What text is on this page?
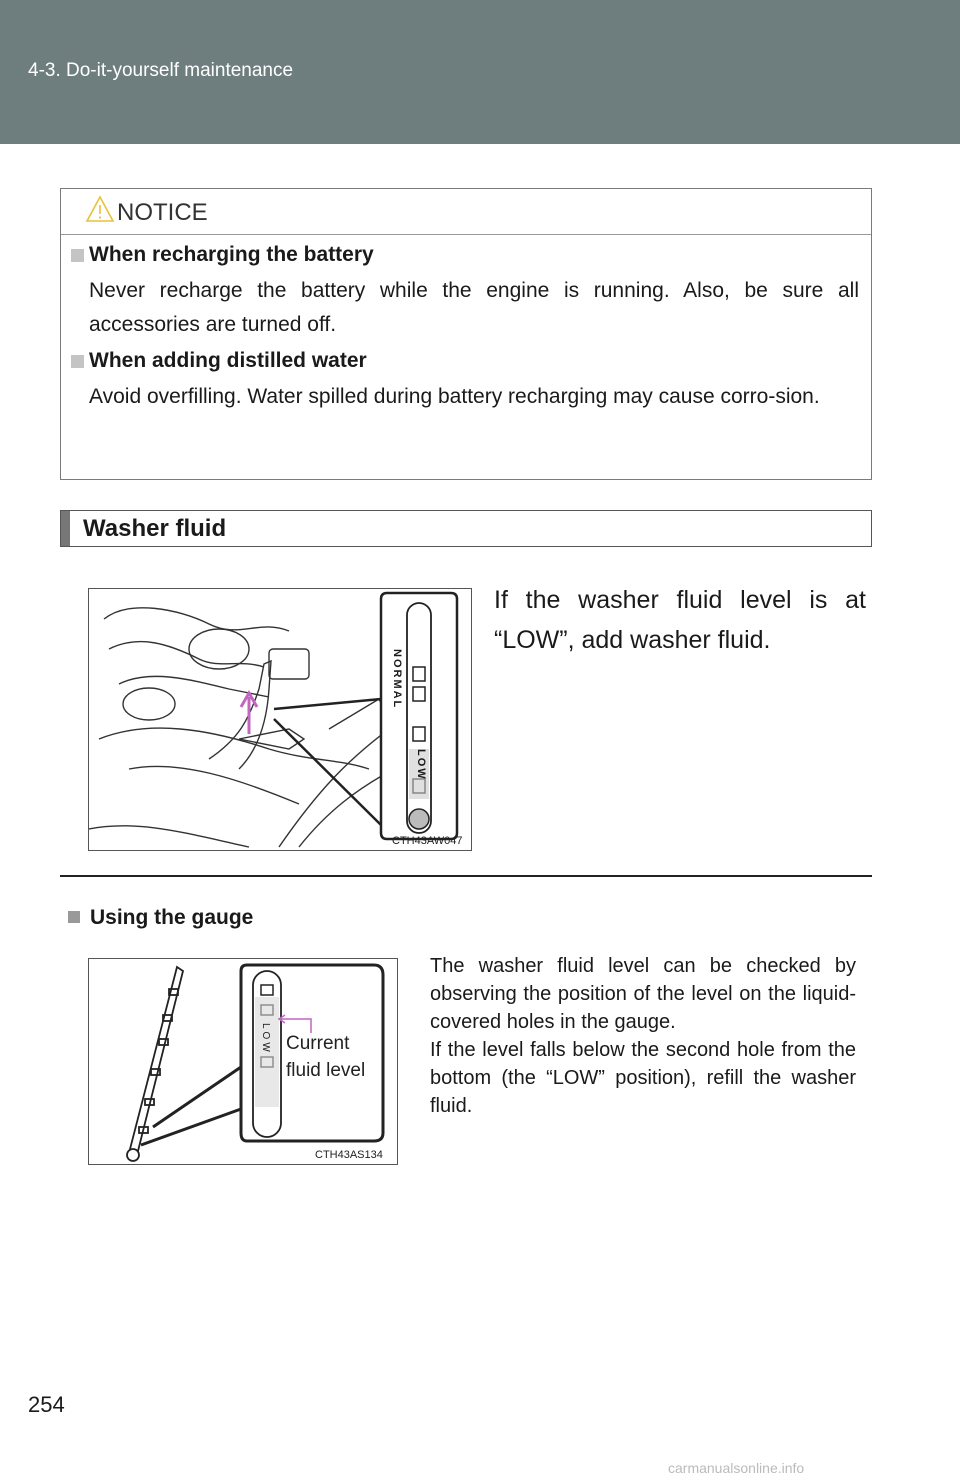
4-3. Do-it-yourself maintenance
NOTICE
When recharging the battery

Never recharge the battery while the engine is running. Also, be sure all accessories are turned off.

When adding distilled water

Avoid overfilling. Water spilled during battery recharging may cause corro-sion.

Washer fluid
NORMAL
LOW
CTH43AW047

If the washer fluid level is at “LOW”, add washer fluid.

Using the gauge
LOW Current
fluid level
CTH43AS134

The washer fluid level can be checked by observing the position of the level on the liquid-covered holes in the gauge.

If the level falls below the second hole from the bottom (the “LOW” position), refill the washer fluid.

254
carmanualsonline.info
